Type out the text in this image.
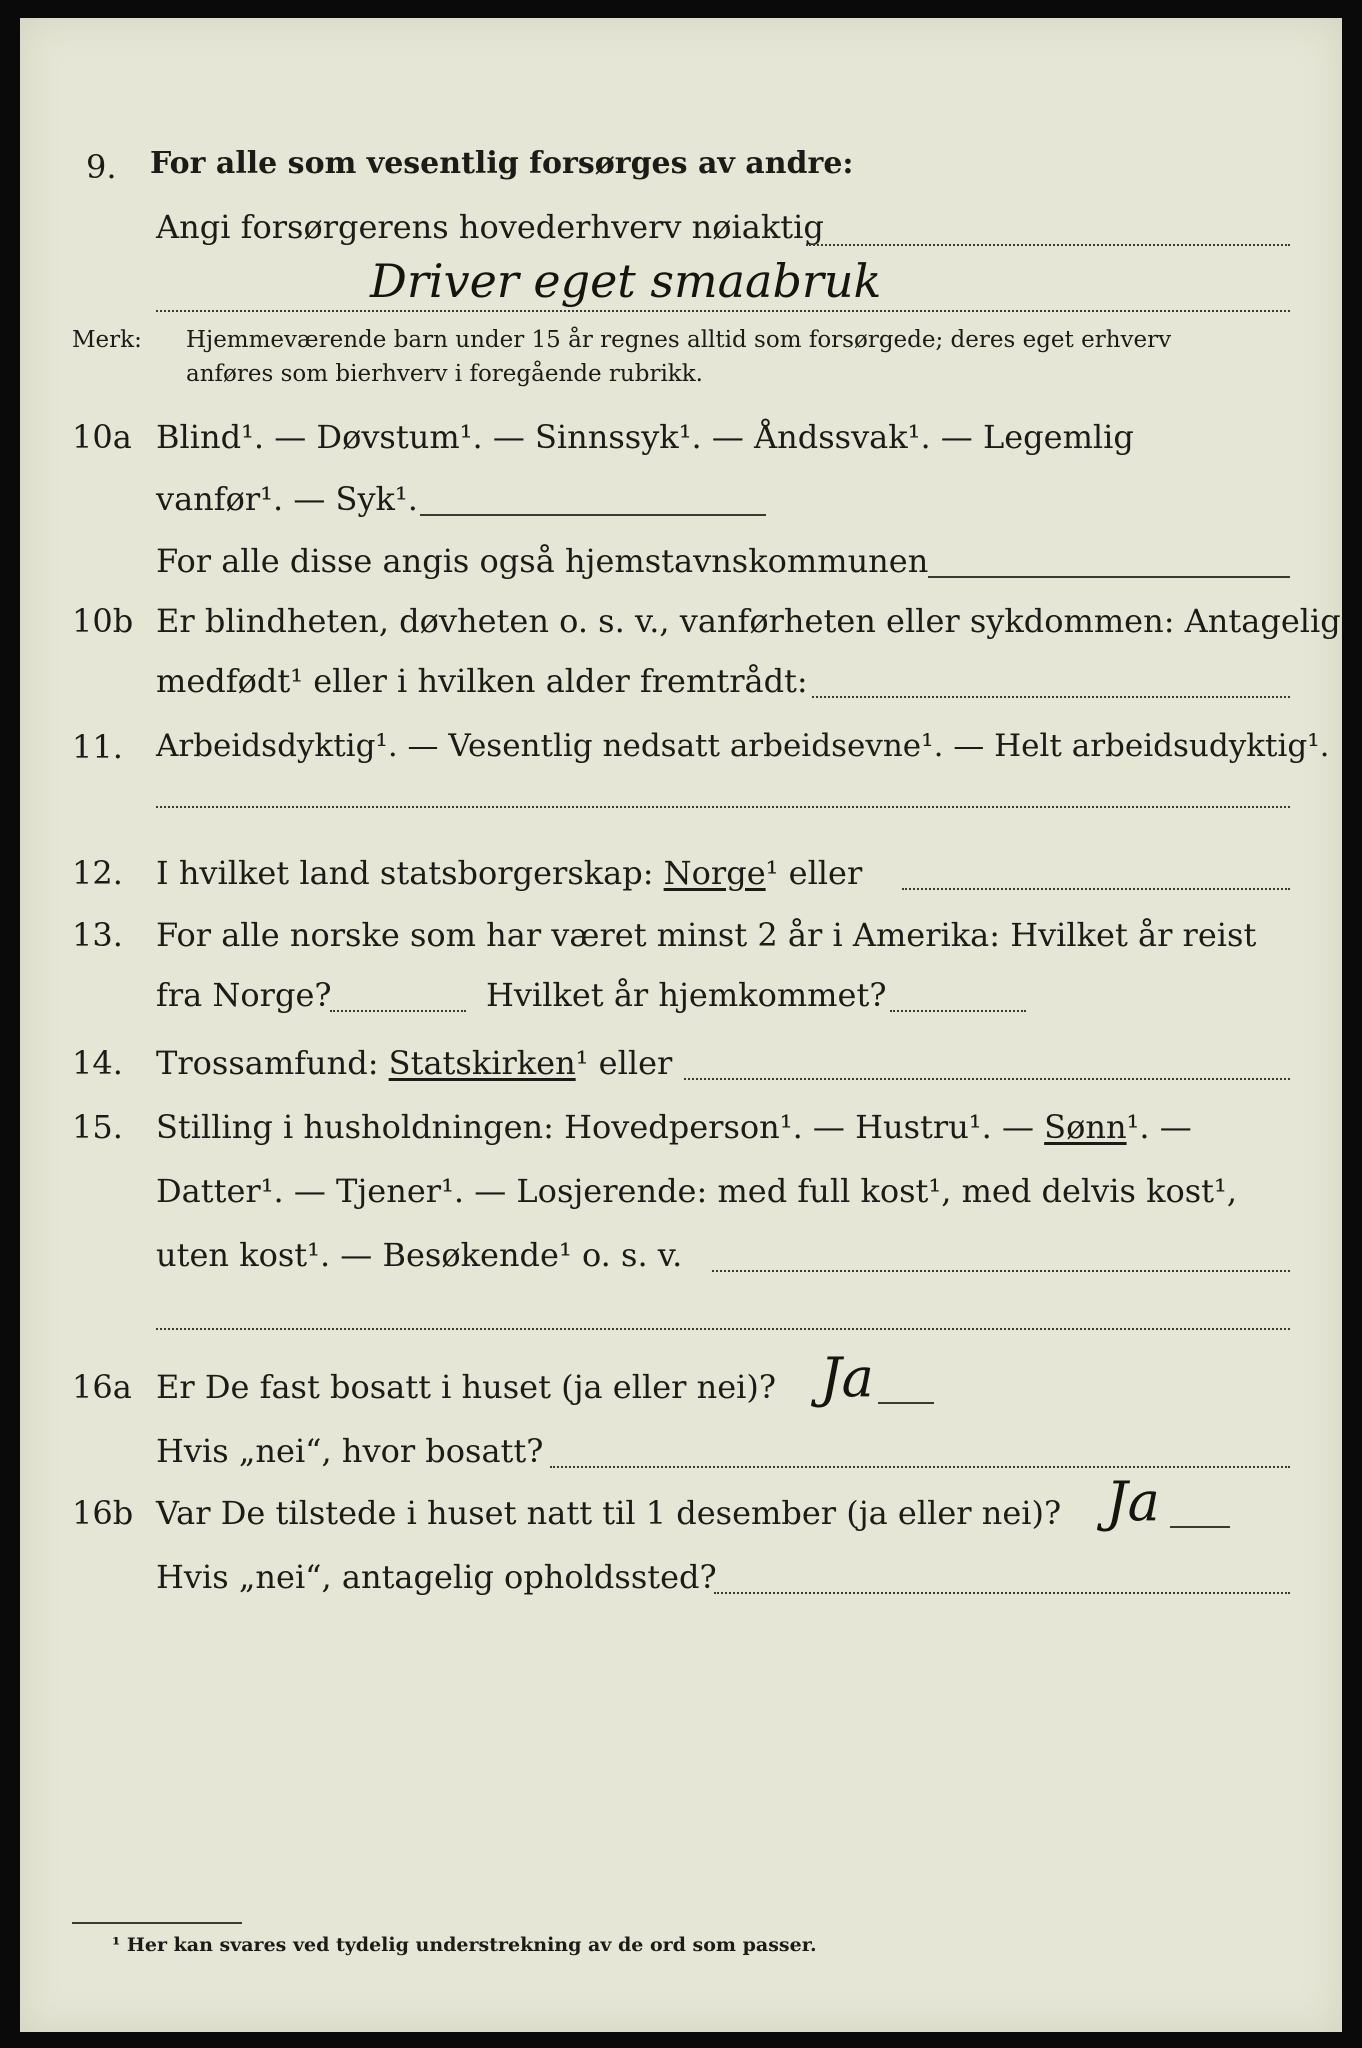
9. For alle som vesentlig forsørges av andre:
Angi forsørgerens hovederhverv nøiaktig
Driver eget smaabruk
Merk: Hjemmeværende barn under 15 år regnes alltid som forsørgede; deres eget erhverv
anføres som bierhverv i foregående rubrikk.
10a Blind¹. — Døvstum¹. — Sinnssyk¹. — Åndssvak¹. — Legemlig
vanfør¹. — Syk¹.
For alle disse angis også hjemstavnskommunen
10b Er blindheten, døvheten o. s. v., vanførheten eller sykdommen: Antagelig
medfødt¹ eller i hvilken alder fremtrådt:
11. Arbeidsdyktig¹. — Vesentlig nedsatt arbeidsevne¹. — Helt arbeidsudyktig¹.
12. I hvilket land statsborgerskap: Norge¹ eller
13. For alle norske som har været minst 2 år i Amerika: Hvilket år reist
fra Norge?	Hvilket år hjemkommet?
14. Trossamfund: Statskirken¹ eller
15. Stilling i husholdningen: Hovedperson¹. — Hustru¹. — Sønn¹. —
Datter¹. — Tjener¹. — Losjerende: med full kost¹, med delvis kost¹,
uten kost¹. — Besøkende¹ o. s. v.
16a Er De fast bosatt i huset (ja eller nei)? Ja
Hvis „nei“, hvor bosatt?
16b Var De tilstede i huset natt til 1 desember (ja eller nei)? Ja
Hvis „nei“, antagelig opholdssted?
¹ Her kan svares ved tydelig understrekning av de ord som passer.
